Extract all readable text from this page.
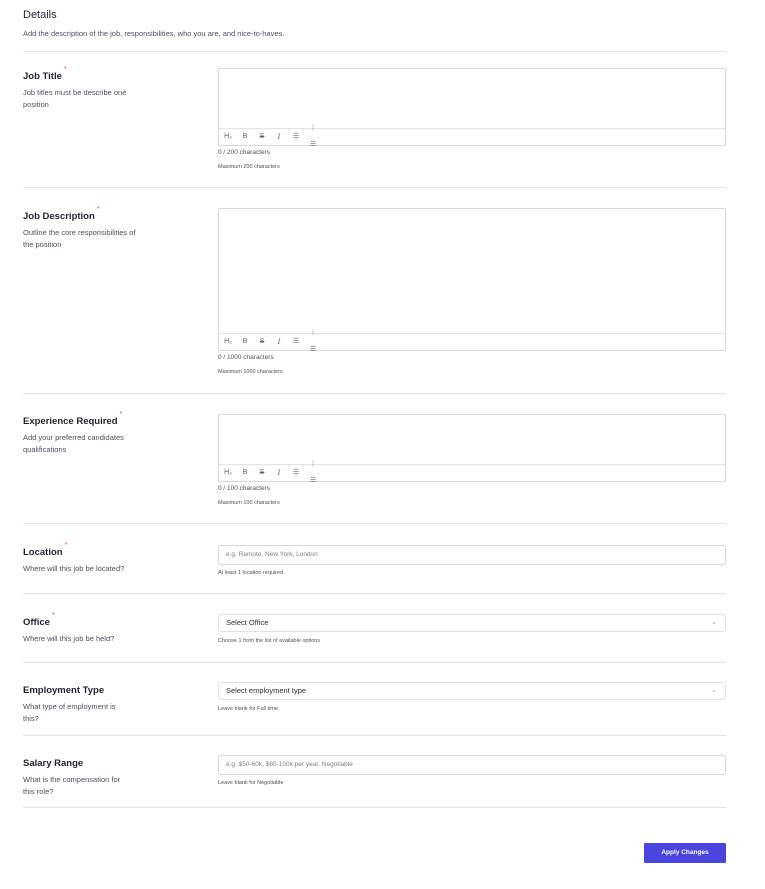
Details
Add the description of the job, responsibilities, who you are, and nice-to-haves.
Job Title*
Job titles must be describe one position
H₂ B S	I	☰
⁞☰
0 / 200 characters
Maximum 200 characters
Job Description*
Outline the core responsibilities of the position
H₂ B S	I	☰
⁞☰
0 / 1000 characters
Maximum 1000 characters
Experience Required*
Add your preferred candidates qualifications
H₂ B S	I	☰
⁞☰
0 / 100 characters
Maximum 100 characters
Location*
Where will this job be located?
e.g. Remote, New York, London
At least 1 location required
Office*
Where will this job be held?
Select Office	⌄
Choose 1 from the list of available options
Employment Type
What type of employment is this?
Select employment type	⌄
Leave blank for Full time
Salary Range
What is the compensation for this role?
e.g. $50-60k, $80-100k per year, Negotiable
Leave blank for Negotiable
Apply Changes
